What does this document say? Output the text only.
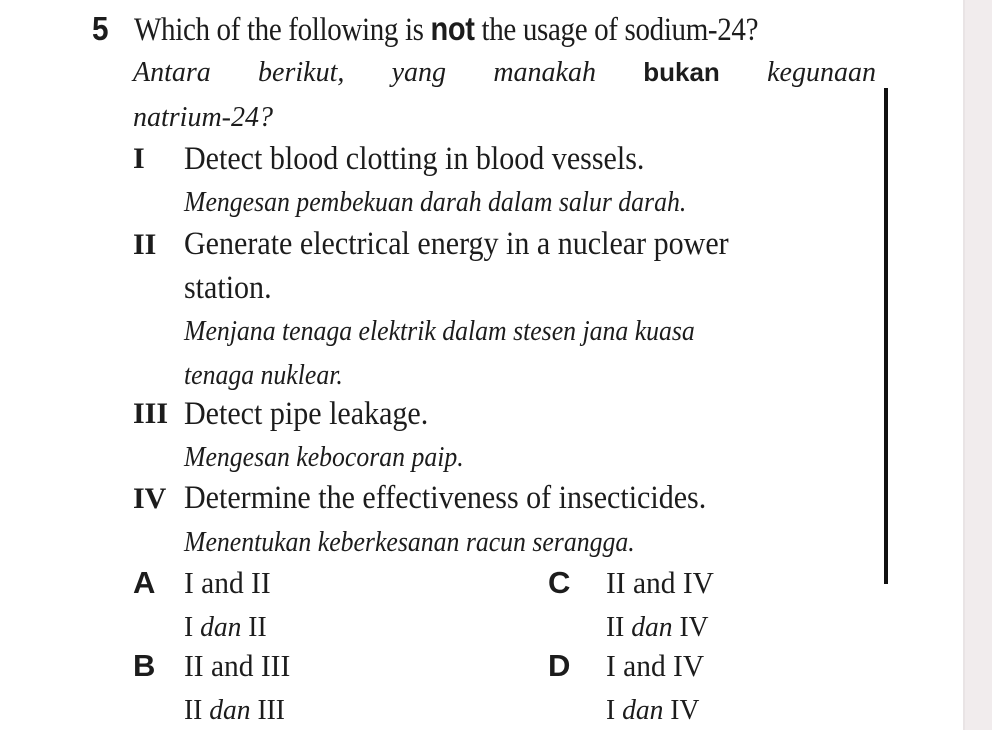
5 Which of the following is not the usage of sodium-24?
Antara berikut, yang manakah bukan kegunaan
natrium-24?
I Detect blood clotting in blood vessels.
Mengesan pembekuan darah dalam salur darah.
II Generate electrical energy in a nuclear power
station.
Menjana tenaga elektrik dalam stesen jana kuasa
tenaga nuklear.
III Detect pipe leakage.
Mengesan kebocoran paip.
IV Determine the effectiveness of insecticides.
Menentukan keberkesanan racun serangga.
A I and II
I dan II
B II and III
II dan III
C II and IV
II dan IV
D I and IV
I dan IV
